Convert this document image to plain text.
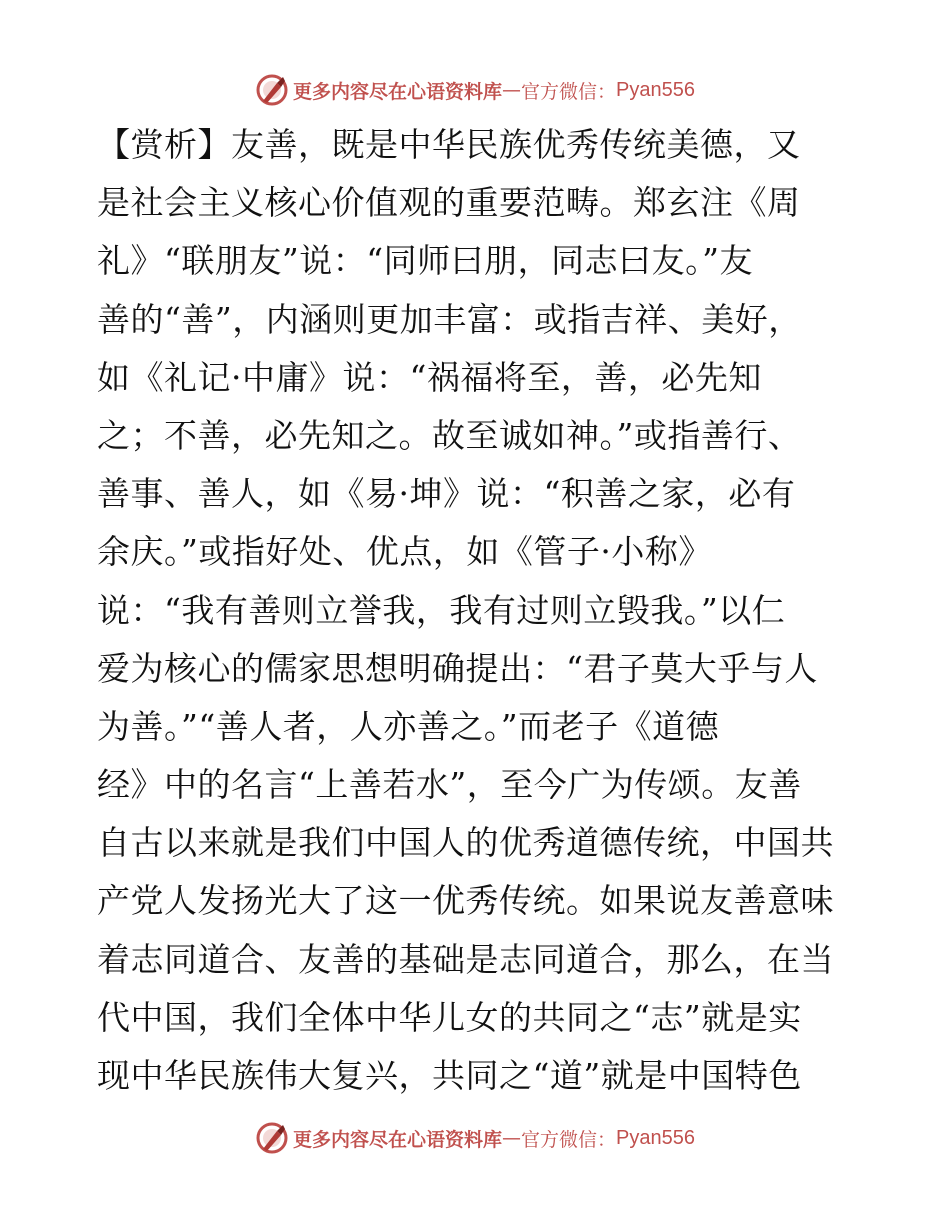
更多内容尽在心语资料库 — 官方微信： Pyan556
【赏析】友善，既是中华民族优秀传统美德，又
是社会主义核心价值观的重要范畴。郑玄注《周
礼》“联朋友”说：“同师曰朋，同志曰友。”友
善的“善”，内涵则更加丰富：或指吉祥、美好，
如《礼记·中庸》说：“祸福将至，善，必先知
之；不善，必先知之。故至诚如神。”或指善行、
善事、善人，如《易·坤》说：“积善之家，必有
余庆。”或指好处、优点，如《管子·小称》
说：“我有善则立誉我，我有过则立毁我。”以仁
爱为核心的儒家思想明确提出：“君子莫大乎与人
为善。”“善人者，人亦善之。”而老子《道德
经》中的名言“上善若水”，至今广为传颂。友善
自古以来就是我们中国人的优秀道德传统，中国共
产党人发扬光大了这一优秀传统。如果说友善意味
着志同道合、友善的基础是志同道合，那么，在当
代中国，我们全体中华儿女的共同之“志”就是实
现中华民族伟大复兴，共同之“道”就是中国特色
更多内容尽在心语资料库 — 官方微信： Pyan556
